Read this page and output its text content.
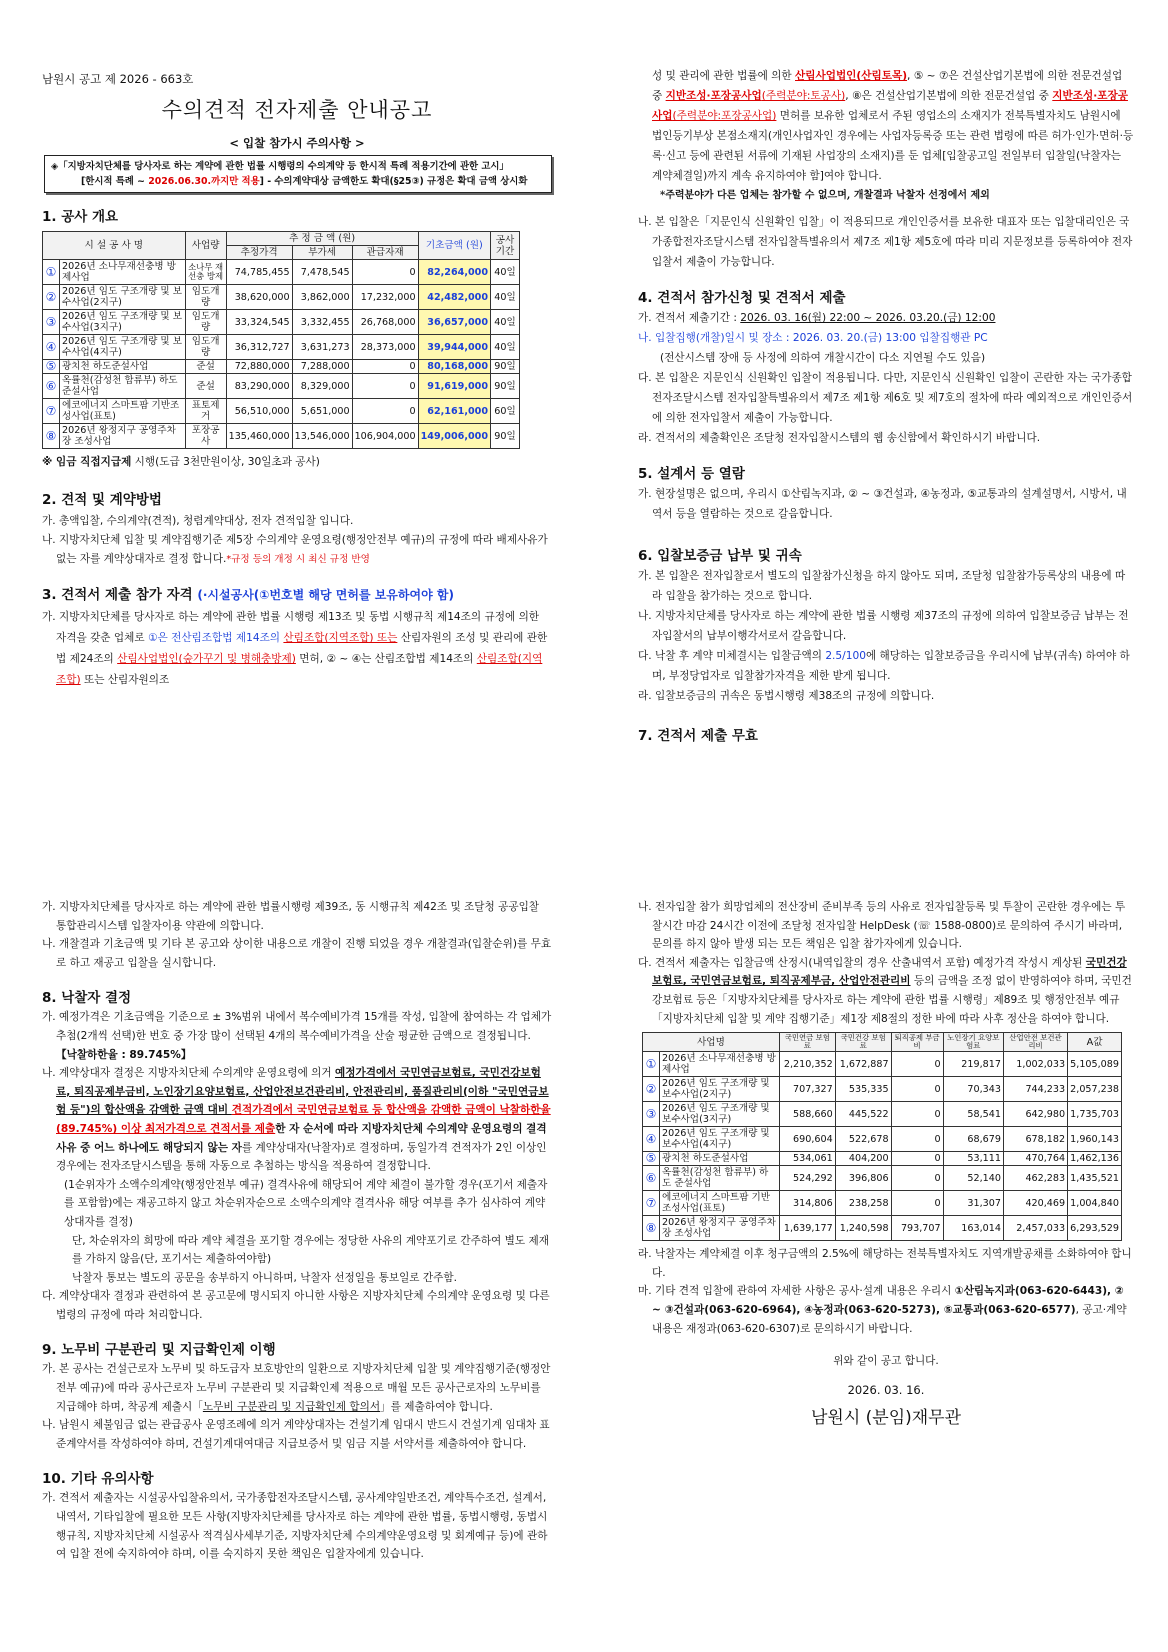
남원시 공고 제 2026 - 663호
수의견적 전자제출 안내공고
< 입찰 참가시 주의사항 >
◈「지방자치단체를 당사자로 하는 계약에 관한 법률 시행령의 수의계약 등 한시적 특례 적용기간에 관한 고시」
[한시적 특례 ~ 2026.06.30.까지만 적용] - 수의계약대상 금액한도 확대(§25③) 규정은 확대 금액 상시화
1. 공사 개요
시 설 공 사 명		사업량	추 정 금 액 (원)			기초금액 (원)	공사 기간
			추정가격	부가세	관급자재		
①	2026년 소나무재선충병 방제사업	소나무 재선충 방제	74,785,455	7,478,545	0	82,264,000	40일
②	2026년 임도 구조개량 및 보수사업(2지구)	임도개량	38,620,000	3,862,000	17,232,000	42,482,000	40일
③	2026년 임도 구조개량 및 보수사업(3지구)	임도개량	33,324,545	3,332,455	26,768,000	36,657,000	40일
④	2026년 임도 구조개량 및 보수사업(4지구)	임도개량	36,312,727	3,631,273	28,373,000	39,944,000	40일
⑤	광치천 하도준설사업	준설	72,880,000	7,288,000	0	80,168,000	90일
⑥	옥률천(감성천 합류부) 하도 준설사업	준설	83,290,000	8,329,000	0	91,619,000	90일
⑦	에코에너지 스마트팜 기반조성사업(표토)	표토제거	56,510,000	5,651,000	0	62,161,000	60일
⑧	2026년 왕정지구 공영주차장 조성사업	포장공사	135,460,000	13,546,000	106,904,000	149,006,000	90일
※ 임금 직접지급제 시행(도급 3천만원이상, 30일초과 공사)
2. 견적 및 계약방법

가. 총액입찰, 수의계약(견적), 청렴계약대상, 전자 견적입찰 입니다.

나. 지방자치단체 입찰 및 계약집행기준 제5장 수의계약 운영요령(행정안전부 예규)의 규정에 따라 배제사유가 없는 자를 계약상대자로 결정 합니다.*규정 등의 개정 시 최신 규정 반영

3. 견적서 제출 참가 자격 (·시설공사(①번호별 해당 면허를 보유하여야 함)

가. 지방자치단체를 당사자로 하는 계약에 관한 법률 시행령 제13조 및 동법 시행규칙 제14조의 규정에 의한 자격을 갖춘 업체로 ①은 전산림조합법 제14조의 산림조합(지역조합) 또는 산림자원의 조성 및 관리에 관한 법 제24조의 산림사업법인(숲가꾸기 및 병해충방제) 면허, ② ~ ④는 산림조합법 제14조의 산림조합(지역조합) 또는 산림자원의조

성 및 관리에 관한 법률에 의한 산림사업법인(산림토목), ⑤ ~ ⑦은 건설산업기본법에 의한 전문건설업 중 지반조성·포장공사업(주력분야:토공사), ⑧은 건설산업기본법에 의한 전문건설업 중 지반조성·포장공사업(주력분야:포장공사업) 면허를 보유한 업체로서 주된 영업소의 소재지가 전북특별자치도 남원시에 법인등기부상 본점소재지(개인사업자인 경우에는 사업자등록증 또는 관련 법령에 따른 허가·인가·면허·등록·신고 등에 관련된 서류에 기재된 사업장의 소재지)를 둔 업체[입찰공고일 전일부터 입찰일(낙찰자는 계약체결일)까지 계속 유지하여야 함]여야 합니다.

*주력분야가 다른 업체는 참가할 수 없으며, 개찰결과 낙찰자 선정에서 제외

나. 본 입찰은「지문인식 신원확인 입찰」이 적용되므로 개인인증서를 보유한 대표자 또는 입찰대리인은 국가종합전자조달시스템 전자입찰특별유의서 제7조 제1항 제5호에 따라 미리 지문정보를 등록하여야 전자입찰서 제출이 가능합니다.

4. 견적서 참가신청 및 견적서 제출

가. 견적서 제출기간 : 2026. 03. 16(월) 22:00 ~ 2026. 03.20.(금) 12:00

나. 입찰집행(개찰)일시 및 장소 : 2026. 03. 20.(금) 13:00 입찰집행관 PC

(전산시스템 장애 등 사정에 의하여 개찰시간이 다소 지연될 수도 있음)

다. 본 입찰은 지문인식 신원확인 입찰이 적용됩니다. 다만, 지문인식 신원확인 입찰이 곤란한 자는 국가종합전자조달시스템 전자입찰특별유의서 제7조 제1항 제6호 및 제7호의 절차에 따라 예외적으로 개인인증서에 의한 전자입찰서 제출이 가능합니다.

라. 견적서의 제출확인은 조달청 전자입찰시스템의 웹 송신함에서 확인하시기 바랍니다.

5. 설계서 등 열람

가. 현장설명은 없으며, 우리시 ①산림녹지과, ② ~ ③건설과, ④농정과, ⑤교통과의 설계설명서, 시방서, 내역서 등을 열람하는 것으로 갈음합니다.

6. 입찰보증금 납부 및 귀속

가. 본 입찰은 전자입찰로서 별도의 입찰참가신청을 하지 않아도 되며, 조달청 입찰참가등록상의 내용에 따라 입찰을 참가하는 것으로 합니다.

나. 지방자치단체를 당사자로 하는 계약에 관한 법률 시행령 제37조의 규정에 의하여 입찰보증금 납부는 전자입찰서의 납부이행각서로서 갈음합니다.

다. 낙찰 후 계약 미체결시는 입찰금액의 2.5/100에 해당하는 입찰보증금을 우리시에 납부(귀속) 하여야 하며, 부정당업자로 입찰참가자격을 제한 받게 됩니다.

라. 입찰보증금의 귀속은 동법시행령 제38조의 규정에 의합니다.

7. 견적서 제출 무효

가. 지방자치단체를 당사자로 하는 계약에 관한 법률시행령 제39조, 동 시행규칙 제42조 및 조달청 공공입찰 통합관리시스템 입찰자이용 약관에 의합니다.

나. 개찰결과 기초금액 및 기타 본 공고와 상이한 내용으로 개찰이 진행 되었을 경우 개찰결과(입찰순위)를 무효로 하고 재공고 입찰을 실시합니다.

8. 낙찰자 결정

가. 예정가격은 기초금액을 기준으로 ± 3%범위 내에서 복수예비가격 15개를 작성, 입찰에 참여하는 각 업체가 추첨(2개씩 선택)한 번호 중 가장 많이 선택된 4개의 복수예비가격을 산술 평균한 금액으로 결정됩니다. 【낙찰하한율 : 89.745%】

나. 계약상대자 결정은 지방자치단체 수의계약 운영요령에 의거 예정가격에서 국민연금보험료, 국민건강보험료, 퇴직공제부금비, 노인장기요양보험료, 산업안전보건관리비, 안전관리비, 품질관리비(이하 "국민연금보험 등")의 합산액을 감액한 금액 대비 견적가격에서 국민연금보험료 등 합산액을 감액한 금액이 낙찰하한율(89.745%) 이상 최저가격으로 견적서를 제출한 자 순서에 따라 지방자치단체 수의계약 운영요령의 결격사유 중 어느 하나에도 해당되지 않는 자를 계약상대자(낙찰자)로 결정하며, 동일가격 견적자가 2인 이상인 경우에는 전자조달시스템을 통해 자동으로 추첨하는 방식을 적용하여 결정합니다.

(1순위자가 소액수의계약(행정안전부 예규) 결격사유에 해당되어 계약 체결이 불가할 경우(포기서 제출자를 포함함)에는 재공고하지 않고 차순위자순으로 소액수의계약 결격사유 해당 여부를 추가 심사하여 계약상대자를 결정)

단, 차순위자의 희망에 따라 계약 체결을 포기할 경우에는 정당한 사유의 계약포기로 간주하여 별도 제재를 가하지 않음(단, 포기서는 제출하여야함)

낙찰자 통보는 별도의 공문을 송부하지 아니하며, 낙찰자 선정일을 통보일로 간주함.

다. 계약상대자 결정과 관련하여 본 공고문에 명시되지 아니한 사항은 지방자치단체 수의계약 운영요령 및 다른 법령의 규정에 따라 처리합니다.

9. 노무비 구분관리 및 지급확인제 이행

가. 본 공사는 건설근로자 노무비 및 하도급자 보호방안의 일환으로 지방자치단체 입찰 및 계약집행기준(행정안전부 예규)에 따라 공사근로자 노무비 구분관리 및 지급확인제 적용으로 매월 모든 공사근로자의 노무비를 지급해야 하며, 착공계 제출시「노무비 구분관리 및 지급확인제 합의서」를 제출하여야 합니다.

나. 남원시 체불임금 없는 관급공사 운영조례에 의거 계약상대자는 건설기계 임대시 반드시 건설기계 임대차 표준계약서를 작성하여야 하며, 건설기계대여대금 지급보증서 및 임금 지불 서약서를 제출하여야 합니다.

10. 기타 유의사항

가. 견적서 제출자는 시설공사입찰유의서, 국가종합전자조달시스템, 공사계약일반조건, 계약특수조건, 설계서, 내역서, 기타입찰에 필요한 모든 사항(지방자치단체를 당사자로 하는 계약에 관한 법률, 동법시행령, 동법시행규칙, 지방자치단체 시설공사 적격심사세부기준, 지방자치단체 수의계약운영요령 및 회계예규 등)에 관하여 입찰 전에 숙지하여야 하며, 이를 숙지하지 못한 책임은 입찰자에게 있습니다.

나. 전자입찰 참가 희망업체의 전산장비 준비부족 등의 사유로 전자입찰등록 및 투찰이 곤란한 경우에는 투찰시간 마감 24시간 이전에 조달청 전자입찰 HelpDesk (☏ 1588-0800)로 문의하여 주시기 바라며, 문의를 하지 않아 발생 되는 모든 책임은 입찰 참가자에게 있습니다.

다. 견적서 제출자는 입찰금액 산정시(내역입찰의 경우 산출내역서 포함) 예정가격 작성시 계상된 국민건강보험료, 국민연금보험료, 퇴직공제부금, 산업안전관리비 등의 금액을 조정 없이 반영하여야 하며, 국민건강보험료 등은「지방자치단체를 당사자로 하는 계약에 관한 법률 시행령」제89조 및 행정안전부 예규「지방자치단체 입찰 및 계약 집행기준」제1장 제8절의 정한 바에 따라 사후 정산을 하여야 합니다.

사업명		국민연금 보험료	국민건강 보험료	퇴직공제 부금비	노인장기 요양보험료	산업안전 보건관리비	A값
①	2026년 소나무재선충병 방제사업	2,210,352	1,672,887	0	219,817	1,002,033	5,105,089
②	2026년 임도 구조개량 및 보수사업(2지구)	707,327	535,335	0	70,343	744,233	2,057,238
③	2026년 임도 구조개량 및 보수사업(3지구)	588,660	445,522	0	58,541	642,980	1,735,703
④	2026년 임도 구조개량 및 보수사업(4지구)	690,604	522,678	0	68,679	678,182	1,960,143
⑤	광치천 하도준설사업	534,061	404,200	0	53,111	470,764	1,462,136
⑥	옥률천(감성천 합류부) 하도 준설사업	524,292	396,806	0	52,140	462,283	1,435,521
⑦	에코에너지 스마트팜 기반조성사업(표토)	314,806	238,258	0	31,307	420,469	1,004,840
⑧	2026년 왕정지구 공영주차장 조성사업	1,639,177	1,240,598	793,707	163,014	2,457,033	6,293,529

라. 낙찰자는 계약체결 이후 청구금액의 2.5%에 해당하는 전북특별자치도 지역개발공채를 소화하여야 합니다.

마. 기타 견적 입찰에 관하여 자세한 사항은 공사·설계 내용은 우리시 ①산림녹지과(063-620-6443), ② ~ ③건설과(063-620-6964), ④농정과(063-620-5273), ⑤교통과(063-620-6577), 공고·계약 내용은 재정과(063-620-6307)로 문의하시기 바랍니다.

위와 같이 공고 합니다.
2026. 03. 16.
남원시 (분임)재무관
